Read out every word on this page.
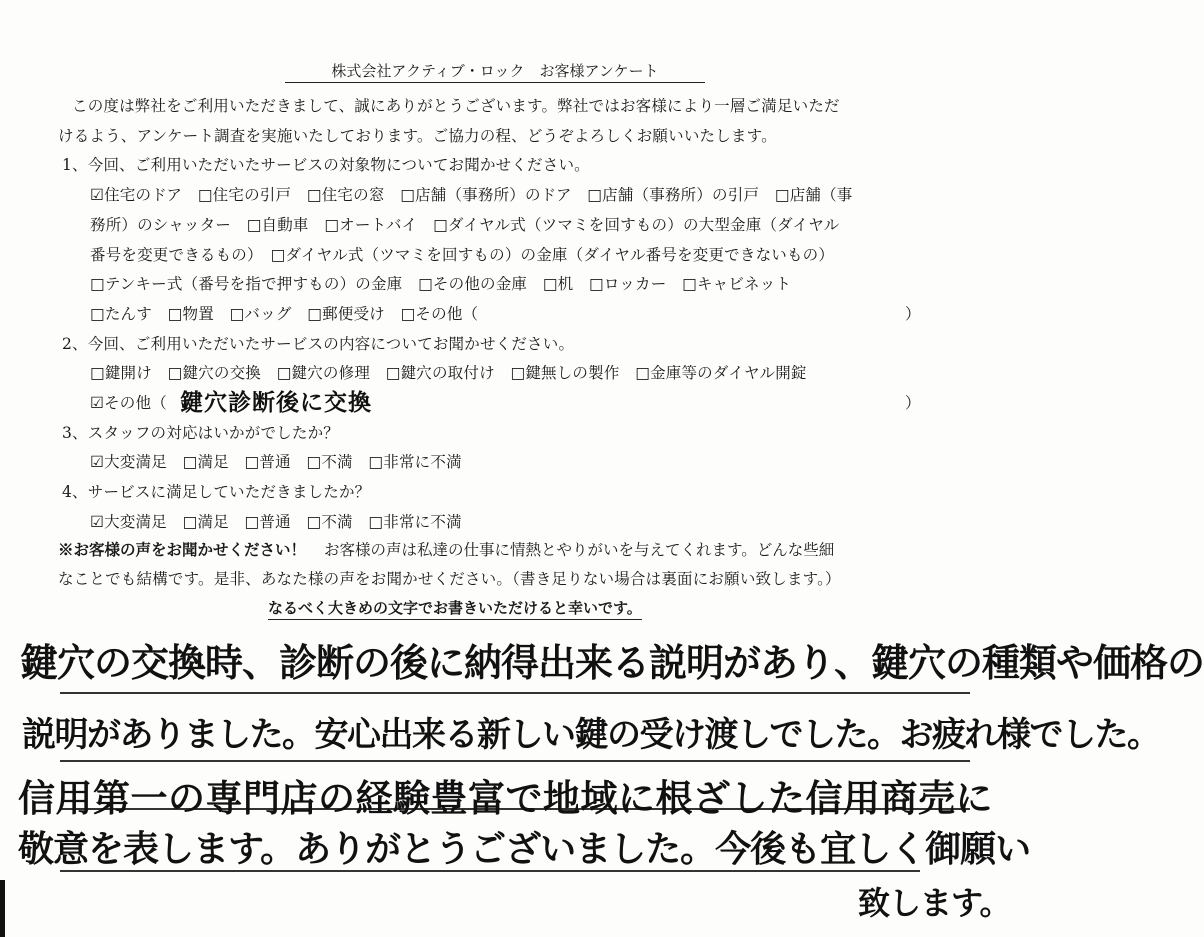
株式会社アクティブ・ロック　お客様アンケート
この度は弊社をご利用いただきまして、誠にありがとうございます。弊社ではお客様により一層ご満足いただ
けるよう、アンケート調査を実施いたしております。ご協力の程、どうぞよろしくお願いいたします。
1、今回、ご利用いただいたサービスの対象物についてお聞かせください。
☑住宅のドア　□住宅の引戸　□住宅の窓　□店舗（事務所）のドア　□店舗（事務所）の引戸　□店舗（事
務所）のシャッター　□自動車　□オートバイ　□ダイヤル式（ツマミを回すもの）の大型金庫（ダイヤル
番号を変更できるもの）　□ダイヤル式（ツマミを回すもの）の金庫（ダイヤル番号を変更できないもの）
□テンキー式（番号を指で押すもの）の金庫　□その他の金庫　□机　□ロッカー　□キャビネット
□たんす　□物置　□バッグ　□郵便受け　□その他（	）
2、今回、ご利用いただいたサービスの内容についてお聞かせください。
□鍵開け　□鍵穴の交換　□鍵穴の修理　□鍵穴の取付け　□鍵無しの製作　□金庫等のダイヤル開錠
☑その他（ 鍵穴診断後に交換	）
3、スタッフの対応はいかがでしたか？
☑大変満足　□満足　□普通　□不満　□非常に不満
4、サービスに満足していただきましたか？
☑大変満足　□満足　□普通　□不満　□非常に不満
※お客様の声をお聞かせください！ お客様の声は私達の仕事に情熱とやりがいを与えてくれます。どんな些細
なことでも結構です。是非、あなた様の声をお聞かせください。（書き足りない場合は裏面にお願い致します。）
なるべく大きめの文字でお書きいただけると幸いです。
鍵穴の交換時、診断の後に納得出来る説明があり、鍵穴の種類や価格の
説明がありました。安心出来る新しい鍵の受け渡しでした。お疲れ様でした。
信用第一の専門店の経験豊富で地域に根ざした信用商売に
敬意を表します。ありがとうございました。今後も宜しく御願い
致します。
